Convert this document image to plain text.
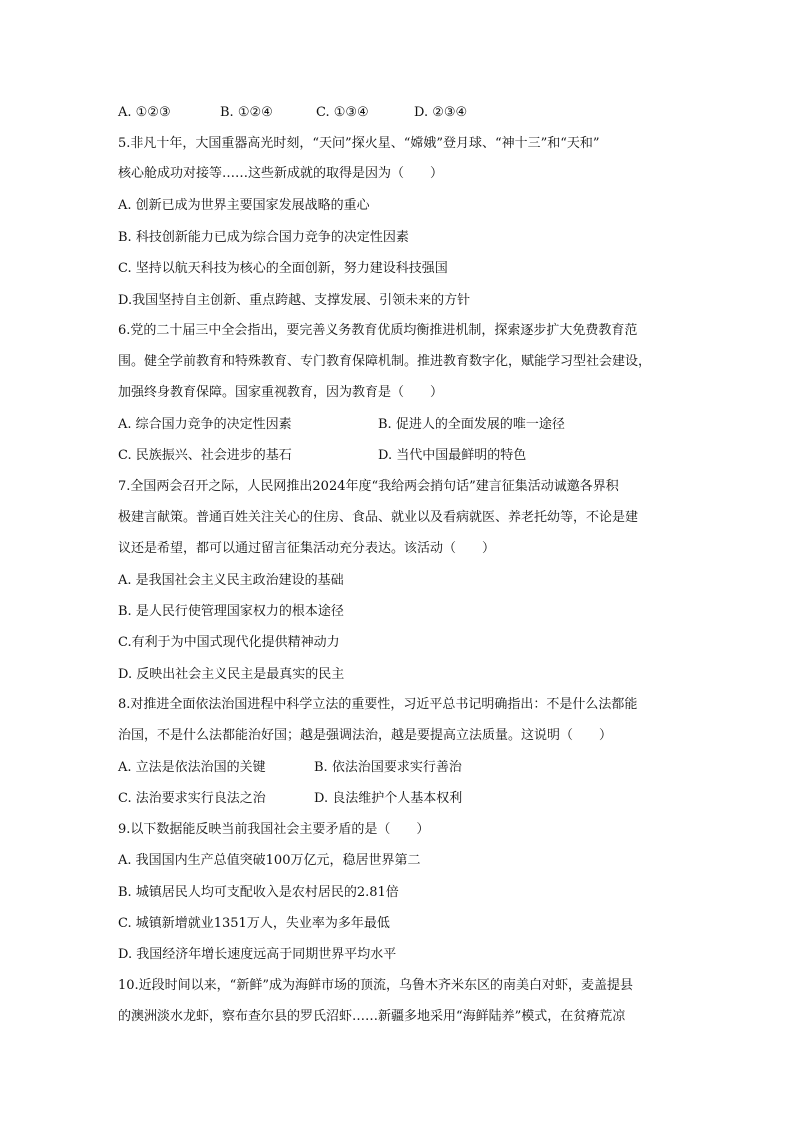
A. ①②③	B. ①②④	C. ①③④	D. ②③④
5.非凡十年，大国重器高光时刻，“天问”探火星、“嫦娥”登月球、“神十三”和“天和”
核心舱成功对接等……这些新成就的取得是因为（　　）
A. 创新已成为世界主要国家发展战略的重心
B. 科技创新能力已成为综合国力竞争的决定性因素
C. 坚持以航天科技为核心的全面创新，努力建设科技强国
D.我国坚持自主创新、重点跨越、支撑发展、引领未来的方针
6.党的二十届三中全会指出，要完善义务教育优质均衡推进机制，探索逐步扩大免费教育范
围。健全学前教育和特殊教育、专门教育保障机制。推进教育数字化，赋能学习型社会建设，
加强终身教育保障。国家重视教育，因为教育是（　　）
A. 综合国力竞争的决定性因素	B. 促进人的全面发展的唯一途径
C. 民族振兴、社会进步的基石	D. 当代中国最鲜明的特色
7.全国两会召开之际，人民网推出2024年度“我给两会捎句话”建言征集活动诚邀各界积
极建言献策。普通百姓关注关心的住房、食品、就业以及看病就医、养老托幼等，不论是建
议还是希望，都可以通过留言征集活动充分表达。该活动（　　）
A. 是我国社会主义民主政治建设的基础
B. 是人民行使管理国家权力的根本途径
C.有利于为中国式现代化提供精神动力
D. 反映出社会主义民主是最真实的民主
8.对推进全面依法治国进程中科学立法的重要性，习近平总书记明确指出：不是什么法都能
治国，不是什么法都能治好国；越是强调法治，越是要提高立法质量。这说明（　　）
A. 立法是依法治国的关键	B. 依法治国要求实行善治
C. 法治要求实行良法之治	D. 良法维护个人基本权利
9.以下数据能反映当前我国社会主要矛盾的是（　　）
A. 我国国内生产总值突破100万亿元，稳居世界第二
B. 城镇居民人均可支配收入是农村居民的2.81倍
C. 城镇新增就业1351万人，失业率为多年最低
D. 我国经济年增长速度远高于同期世界平均水平
10.近段时间以来，“新鲜”成为海鲜市场的顶流，乌鲁木齐米东区的南美白对虾，麦盖提县
的澳洲淡水龙虾，察布查尔县的罗氏沼虾……新疆多地采用“海鲜陆养”模式，在贫瘠荒凉
